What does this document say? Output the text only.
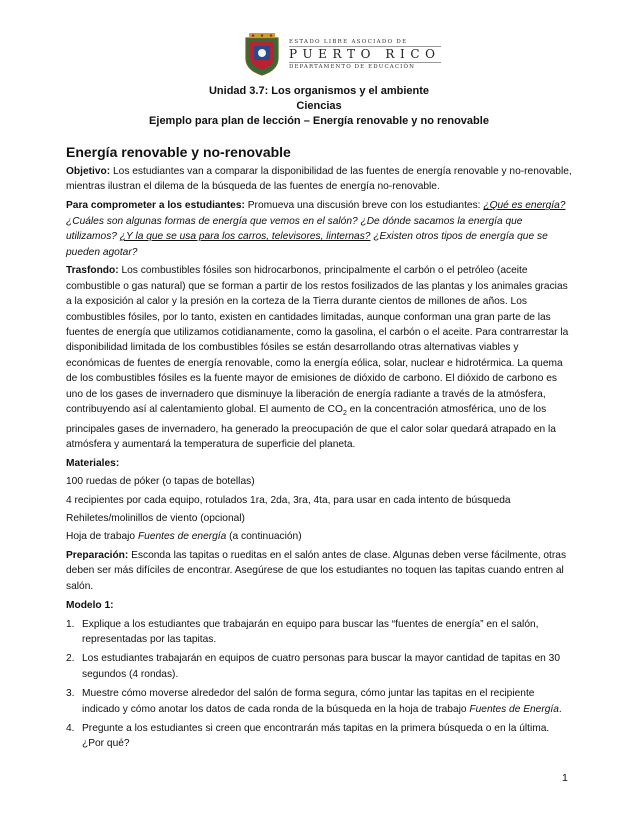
ESTADO LIBRE ASOCIADO DE
PUERTO RICO
DEPARTAMENTO DE EDUCACIÓN
Unidad 3.7: Los organismos y el ambiente
Ciencias
Ejemplo para plan de lección – Energía renovable y no renovable
Energía renovable y no-renovable

Objetivo: Los estudiantes van a comparar la disponibilidad de las fuentes de energía renovable y no-renovable, mientras ilustran el dilema de la búsqueda de las fuentes de energía no-renovable.

Para comprometer a los estudiantes: Promueva una discusión breve con los estudiantes: ¿Qué es energía? ¿Cuáles son algunas formas de energía que vemos en el salón? ¿De dónde sacamos la energía que utilizamos? ¿Y la que se usa para los carros, televisores, linternas? ¿Existen otros tipos de energía que se pueden agotar?

Trasfondo: Los combustibles fósiles son hidrocarbonos, principalmente el carbón o el petróleo (aceite combustible o gas natural) que se forman a partir de los restos fosilizados de las plantas y los animales gracias a la exposición al calor y la presión en la corteza de la Tierra durante cientos de millones de años. Los combustibles fósiles, por lo tanto, existen en cantidades limitadas, aunque conforman una gran parte de las fuentes de energía que utilizamos cotidianamente, como la gasolina, el carbón o el aceite. Para contrarrestar la disponibilidad limitada de los combustibles fósiles se están desarrollando otras alternativas viables y económicas de fuentes de energía renovable, como la energía eólica, solar, nuclear e hidrotérmica. La quema de los combustibles fósiles es la fuente mayor de emisiones de dióxido de carbono. El dióxido de carbono es uno de los gases de invernadero que disminuye la liberación de energía radiante a través de la atmósfera, contribuyendo así al calentamiento global. El aumento de $CO_2$ en la concentración atmosférica, uno de los principales gases de invernadero, ha generado la preocupación de que el calor solar quedará atrapado en la atmósfera y aumentará la temperatura de superficie del planeta.

Materiales:

100 ruedas de póker (o tapas de botellas)

4 recipientes por cada equipo, rotulados 1ra, 2da, 3ra, 4ta, para usar en cada intento de búsqueda

Rehiletes/molinillos de viento (opcional)

Hoja de trabajo Fuentes de energía (a continuación)

Preparación: Esconda las tapitas o rueditas en el salón antes de clase. Algunas deben verse fácilmente, otras deben ser más difíciles de encontrar. Asegúrese de que los estudiantes no toquen las tapitas cuando entren al salón.

Modelo 1:

1. Explique a los estudiantes que trabajarán en equipo para buscar las “fuentes de energía” en el salón, representadas por las tapitas.
2. Los estudiantes trabajarán en equipos de cuatro personas para buscar la mayor cantidad de tapitas en 30 segundos (4 rondas).
3. Muestre cómo moverse alrededor del salón de forma segura, cómo juntar las tapitas en el recipiente indicado y cómo anotar los datos de cada ronda de la búsqueda en la hoja de trabajo Fuentes de Energía.
4. Pregunte a los estudiantes si creen que encontrarán más tapitas en la primera búsqueda o en la última. ¿Por qué?
1
